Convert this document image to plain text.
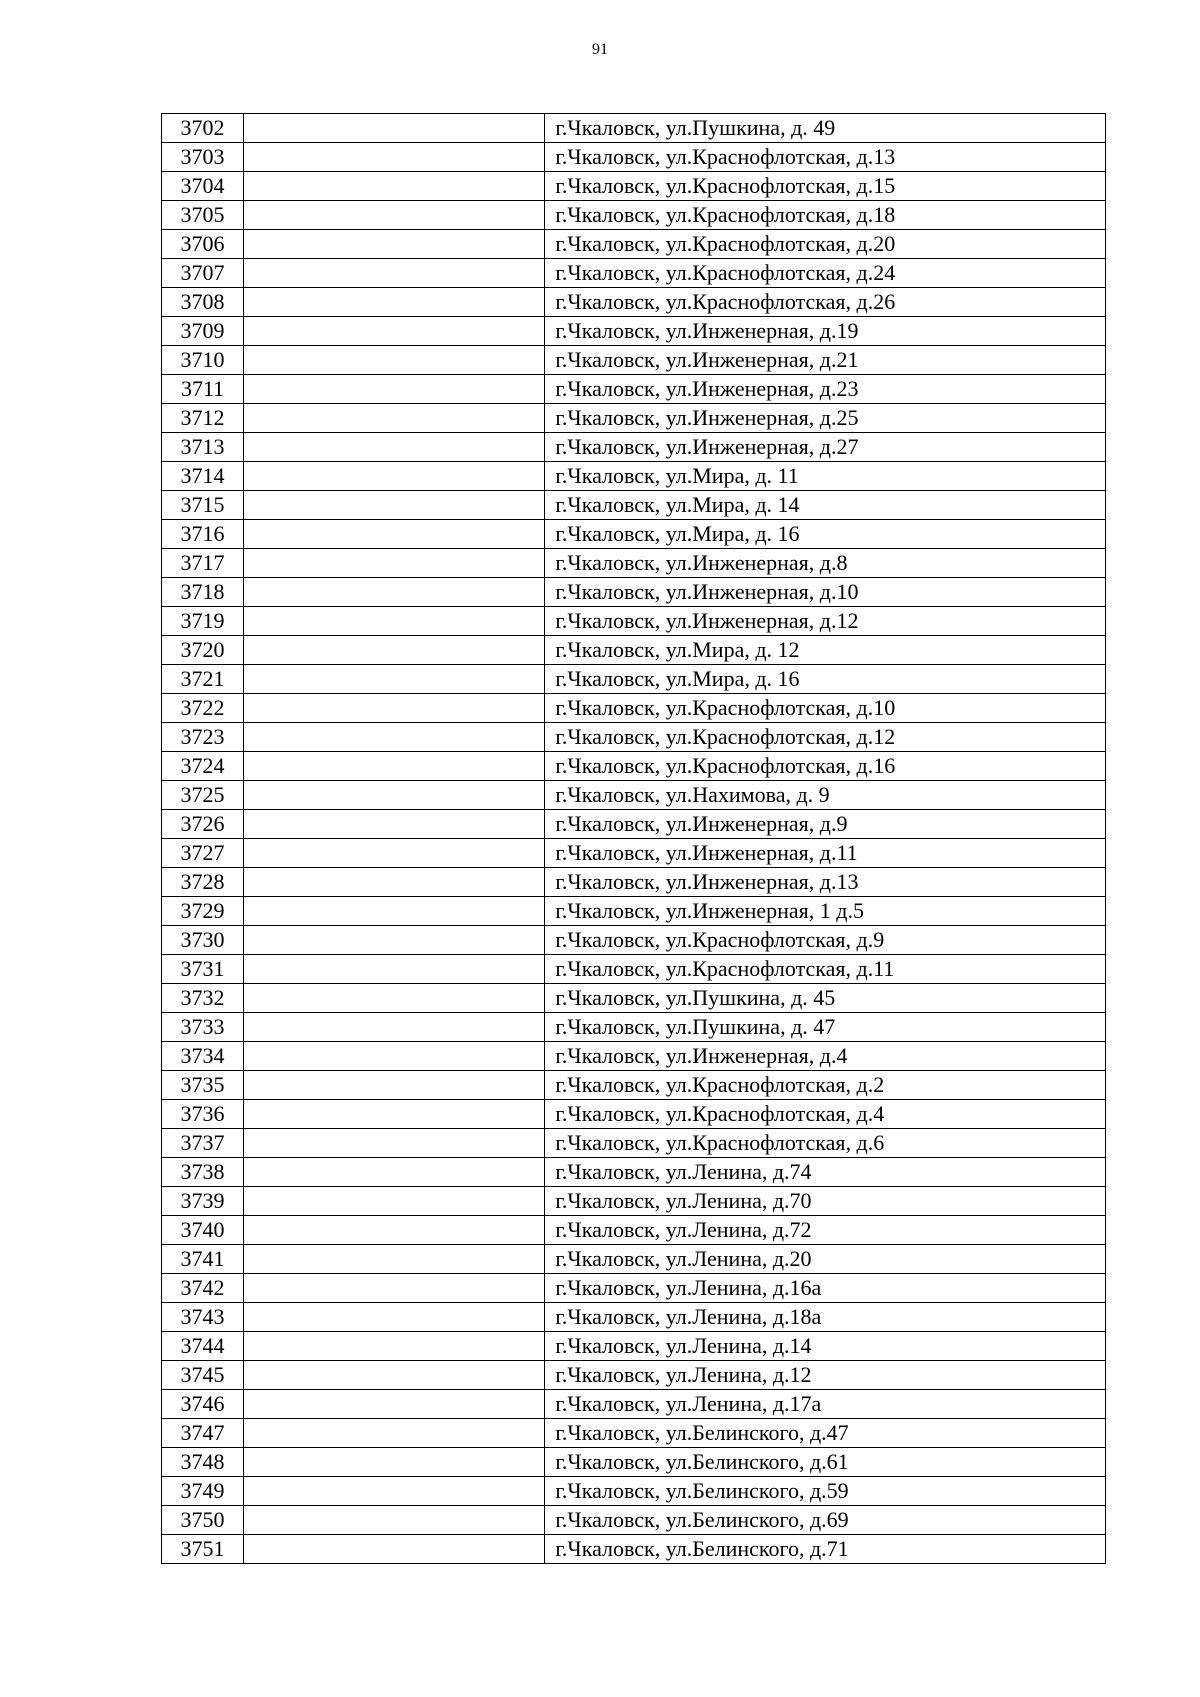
91
3702		г.Чкаловск, ул.Пушкина, д. 49
3703		г.Чкаловск, ул.Краснофлотская, д.13
3704		г.Чкаловск, ул.Краснофлотская, д.15
3705		г.Чкаловск, ул.Краснофлотская, д.18
3706		г.Чкаловск, ул.Краснофлотская, д.20
3707		г.Чкаловск, ул.Краснофлотская, д.24
3708		г.Чкаловск, ул.Краснофлотская, д.26
3709		г.Чкаловск, ул.Инженерная, д.19
3710		г.Чкаловск, ул.Инженерная, д.21
3711		г.Чкаловск, ул.Инженерная, д.23
3712		г.Чкаловск, ул.Инженерная, д.25
3713		г.Чкаловск, ул.Инженерная, д.27
3714		г.Чкаловск, ул.Мира, д. 11
3715		г.Чкаловск, ул.Мира, д. 14
3716		г.Чкаловск, ул.Мира, д. 16
3717		г.Чкаловск, ул.Инженерная, д.8
3718		г.Чкаловск, ул.Инженерная, д.10
3719		г.Чкаловск, ул.Инженерная, д.12
3720		г.Чкаловск, ул.Мира, д. 12
3721		г.Чкаловск, ул.Мира, д. 16
3722		г.Чкаловск, ул.Краснофлотская, д.10
3723		г.Чкаловск, ул.Краснофлотская, д.12
3724		г.Чкаловск, ул.Краснофлотская, д.16
3725		г.Чкаловск, ул.Нахимова, д. 9
3726		г.Чкаловск, ул.Инженерная, д.9
3727		г.Чкаловск, ул.Инженерная, д.11
3728		г.Чкаловск, ул.Инженерная, д.13
3729		г.Чкаловск, ул.Инженерная, 1 д.5
3730		г.Чкаловск, ул.Краснофлотская, д.9
3731		г.Чкаловск, ул.Краснофлотская, д.11
3732		г.Чкаловск, ул.Пушкина, д. 45
3733		г.Чкаловск, ул.Пушкина, д. 47
3734		г.Чкаловск, ул.Инженерная, д.4
3735		г.Чкаловск, ул.Краснофлотская, д.2
3736		г.Чкаловск, ул.Краснофлотская, д.4
3737		г.Чкаловск, ул.Краснофлотская, д.6
3738		г.Чкаловск, ул.Ленина, д.74
3739		г.Чкаловск, ул.Ленина, д.70
3740		г.Чкаловск, ул.Ленина, д.72
3741		г.Чкаловск, ул.Ленина, д.20
3742		г.Чкаловск, ул.Ленина, д.16а
3743		г.Чкаловск, ул.Ленина, д.18а
3744		г.Чкаловск, ул.Ленина, д.14
3745		г.Чкаловск, ул.Ленина, д.12
3746		г.Чкаловск, ул.Ленина, д.17а
3747		г.Чкаловск, ул.Белинского, д.47
3748		г.Чкаловск, ул.Белинского, д.61
3749		г.Чкаловск, ул.Белинского, д.59
3750		г.Чкаловск, ул.Белинского, д.69
3751		г.Чкаловск, ул.Белинского, д.71
